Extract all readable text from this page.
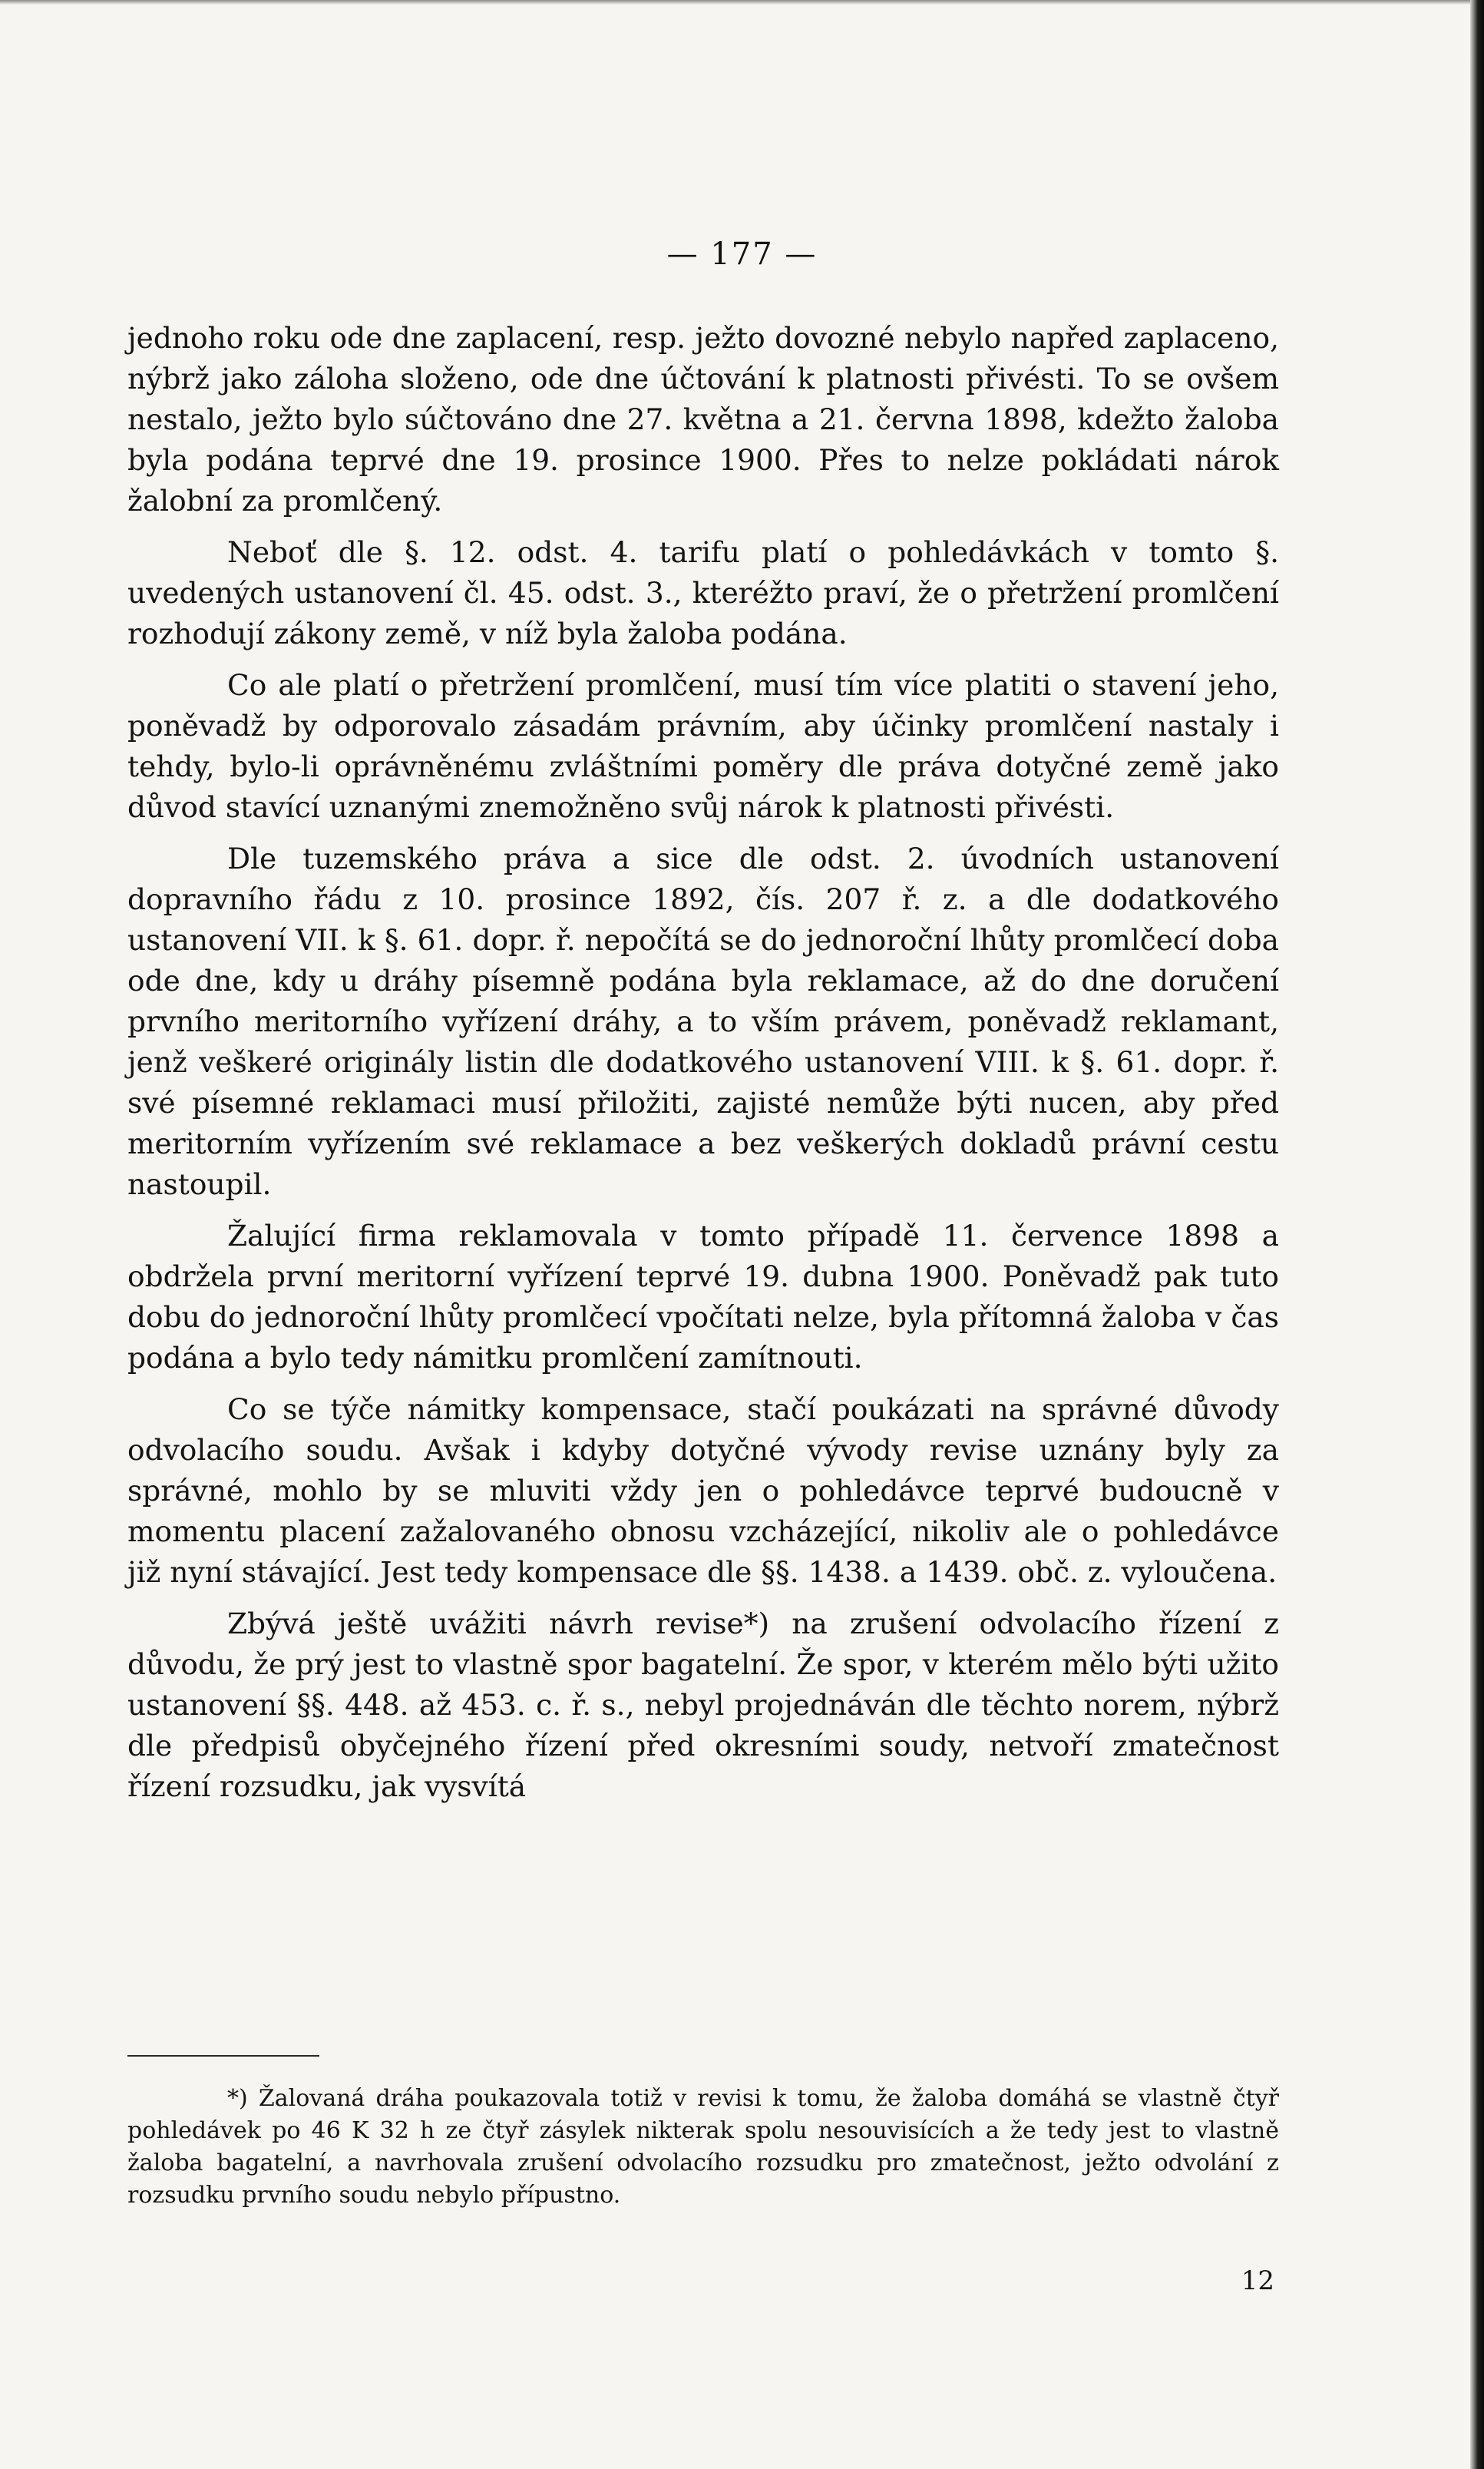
— 177 —

jednoho roku ode dne zaplacení, resp. ježto dovozné nebylo napřed zaplaceno, nýbrž jako záloha složeno, ode dne účtování k platnosti přivésti. To se ovšem nestalo, ježto bylo súčtováno dne 27. května a 21. června 1898, kdežto žaloba byla podána teprvé dne 19. prosince 1900. Přes to nelze pokládati nárok žalobní za promlčený.

Neboť dle §. 12. odst. 4. tarifu platí o pohledávkách v tomto §. uvedených ustanovení čl. 45. odst. 3., kteréžto praví, že o přetržení promlčení rozhodují zákony země, v níž byla žaloba podána.

Co ale platí o přetržení promlčení, musí tím více platiti o stavení jeho, poněvadž by odporovalo zásadám právním, aby účinky promlčení nastaly i tehdy, bylo-li oprávněnému zvláštními poměry dle práva dotyčné země jako důvod stavící uznanými znemožněno svůj nárok k platnosti přivésti.

Dle tuzemského práva a sice dle odst. 2. úvodních ustanovení dopravního řádu z 10. prosince 1892, čís. 207 ř. z. a dle dodatkového ustanovení VII. k §. 61. dopr. ř. nepočítá se do jednoroční lhůty promlčecí doba ode dne, kdy u dráhy písemně podána byla reklamace, až do dne doručení prvního meritorního vyřízení dráhy, a to vším právem, poněvadž reklamant, jenž veškeré originály listin dle dodatkového ustanovení VIII. k §. 61. dopr. ř. své písemné reklamaci musí přiložiti, zajisté nemůže býti nucen, aby před meritorním vyřízením své reklamace a bez veškerých dokladů právní cestu nastoupil.

Žalující firma reklamovala v tomto případě 11. července 1898 a obdržela první meritorní vyřízení teprvé 19. dubna 1900. Poněvadž pak tuto dobu do jednoroční lhůty promlčecí vpočítati nelze, byla přítomná žaloba v čas podána a bylo tedy námitku promlčení zamítnouti.

Co se týče námitky kompensace, stačí poukázati na správné důvody odvolacího soudu. Avšak i kdyby dotyčné vývody revise uznány byly za správné, mohlo by se mluviti vždy jen o pohledávce teprvé budoucně v momentu placení zažalovaného obnosu vzcházející, nikoliv ale o pohledávce již nyní stávající. Jest tedy kompensace dle §§. 1438. a 1439. obč. z. vyloučena.

Zbývá ještě uvážiti návrh revise*) na zrušení odvolacího řízení z důvodu, že prý jest to vlastně spor bagatelní. Že spor, v kterém mělo býti užito ustanovení §§. 448. až 453. c. ř. s., nebyl projednáván dle těchto norem, nýbrž dle předpisů obyčejného řízení před okresními soudy, netvoří zmatečnost řízení rozsudku, jak vysvítá

*) Žalovaná dráha poukazovala totiž v revisi k tomu, že žaloba domáhá se vlastně čtyř pohledávek po 46 K 32 h ze čtyř zásylek nikterak spolu nesouvisících a že tedy jest to vlastně žaloba bagatelní, a navrhovala zrušení odvolacího rozsudku pro zmatečnost, ježto odvolání z rozsudku prvního soudu nebylo přípustno.

12
